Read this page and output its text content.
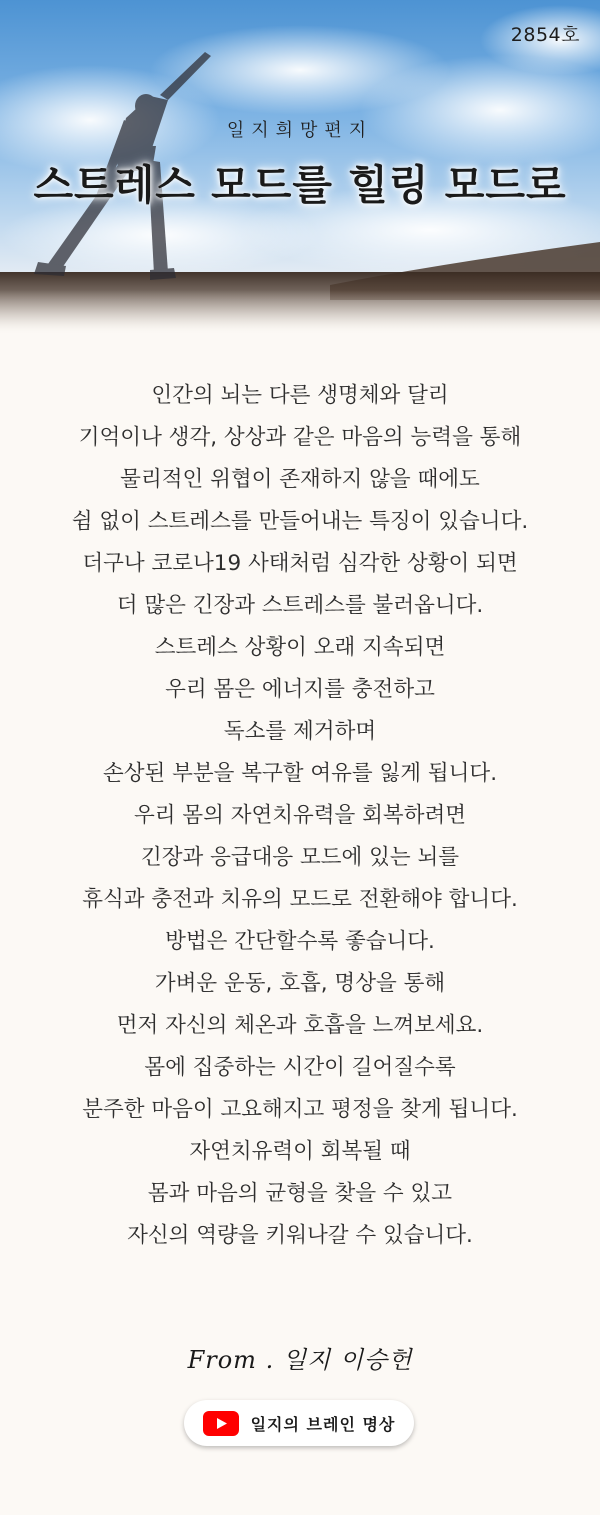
2854호
일지희망편지
스트레스 모드를 힐링 모드로
인간의 뇌는 다른 생명체와 달리
기억이나 생각, 상상과 같은 마음의 능력을 통해
물리적인 위협이 존재하지 않을 때에도
쉼 없이 스트레스를 만들어내는 특징이 있습니다.
더구나 코로나19 사태처럼 심각한 상황이 되면
더 많은 긴장과 스트레스를 불러옵니다.
스트레스 상황이 오래 지속되면
우리 몸은 에너지를 충전하고
독소를 제거하며
손상된 부분을 복구할 여유를 잃게 됩니다.
우리 몸의 자연치유력을 회복하려면
긴장과 응급대응 모드에 있는 뇌를
휴식과 충전과 치유의 모드로 전환해야 합니다.
방법은 간단할수록 좋습니다.
가벼운 운동, 호흡, 명상을 통해
먼저 자신의 체온과 호흡을 느껴보세요.
몸에 집중하는 시간이 길어질수록
분주한 마음이 고요해지고 평정을 찾게 됩니다.
자연치유력이 회복될 때
몸과 마음의 균형을 찾을 수 있고
자신의 역량을 키워나갈 수 있습니다.
From . 일지 이승헌
일지의 브레인 명상
